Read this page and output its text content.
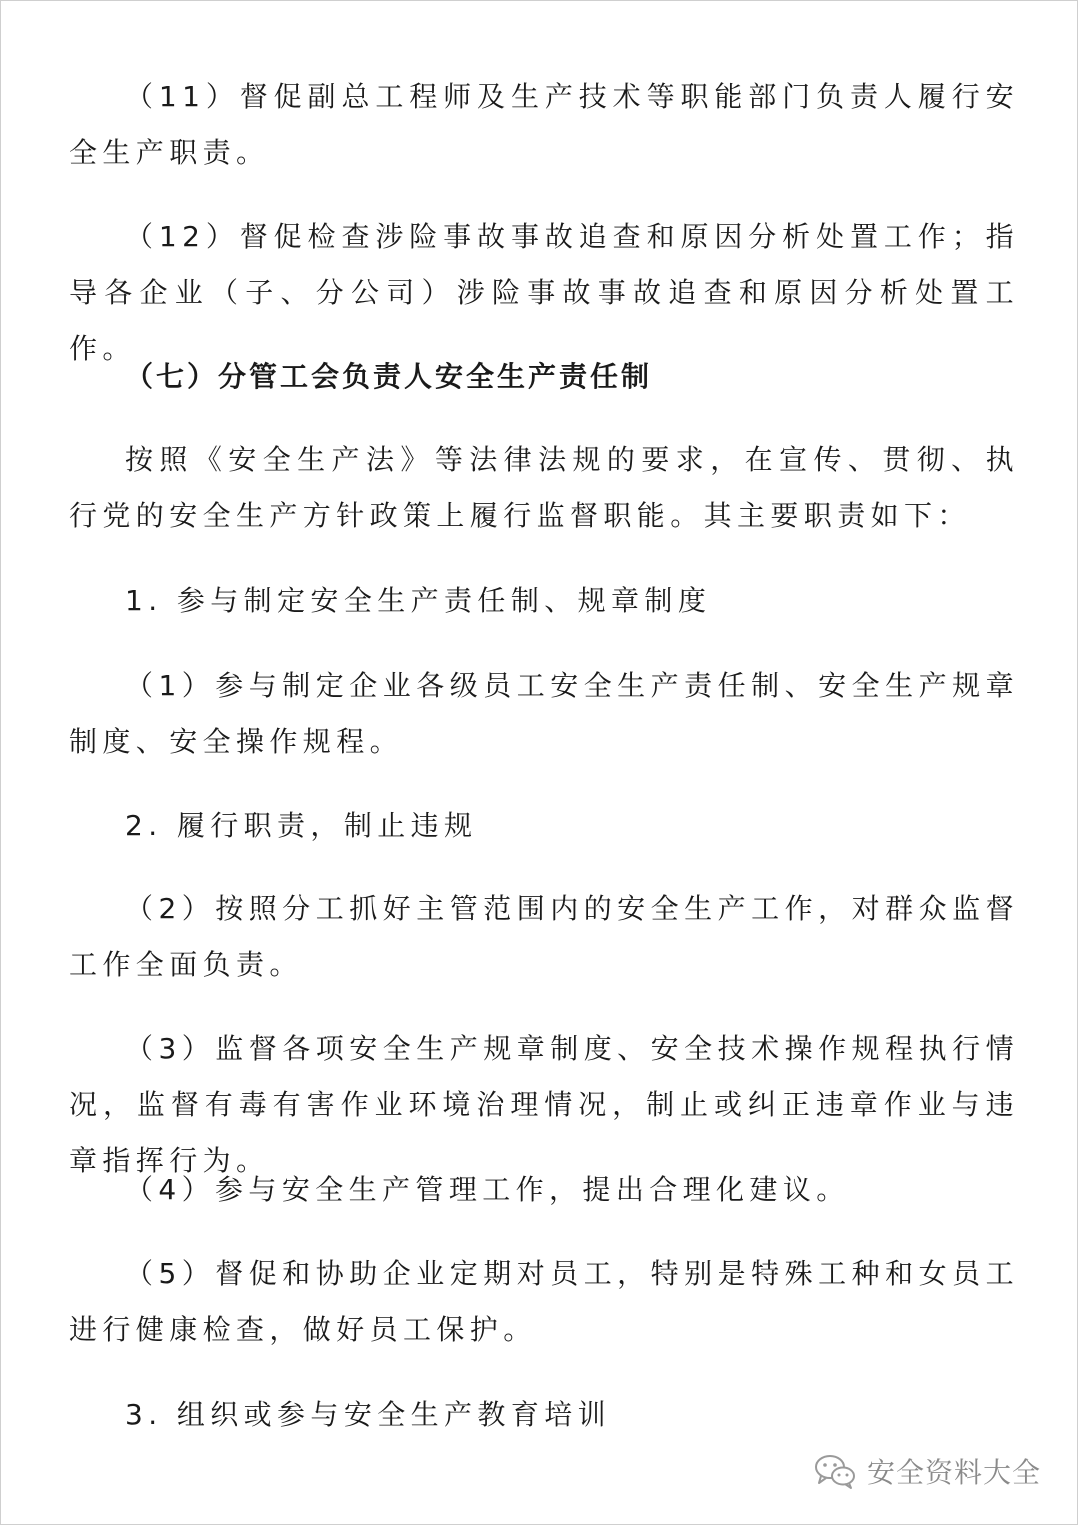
（11）督促副总工程师及生产技术等职能部门负责人履行安全生产职责。

（12）督促检查涉险事故事故追查和原因分析处置工作；指导各企业（子、分公司）涉险事故事故追查和原因分析处置工作。

（七）分管工会负责人安全生产责任制

按照《安全生产法》等法律法规的要求，在宣传、贯彻、执行党的安全生产方针政策上履行监督职能。其主要职责如下：

1. 参与制定安全生产责任制、规章制度

（1）参与制定企业各级员工安全生产责任制、安全生产规章制度、安全操作规程。

2. 履行职责，制止违规

（2）按照分工抓好主管范围内的安全生产工作，对群众监督工作全面负责。

（3）监督各项安全生产规章制度、安全技术操作规程执行情况，监督有毒有害作业环境治理情况，制止或纠正违章作业与违章指挥行为。

（4）参与安全生产管理工作，提出合理化建议。

（5）督促和协助企业定期对员工，特别是特殊工种和女员工进行健康检查，做好员工保护。

3. 组织或参与安全生产教育培训

安全资料大全
